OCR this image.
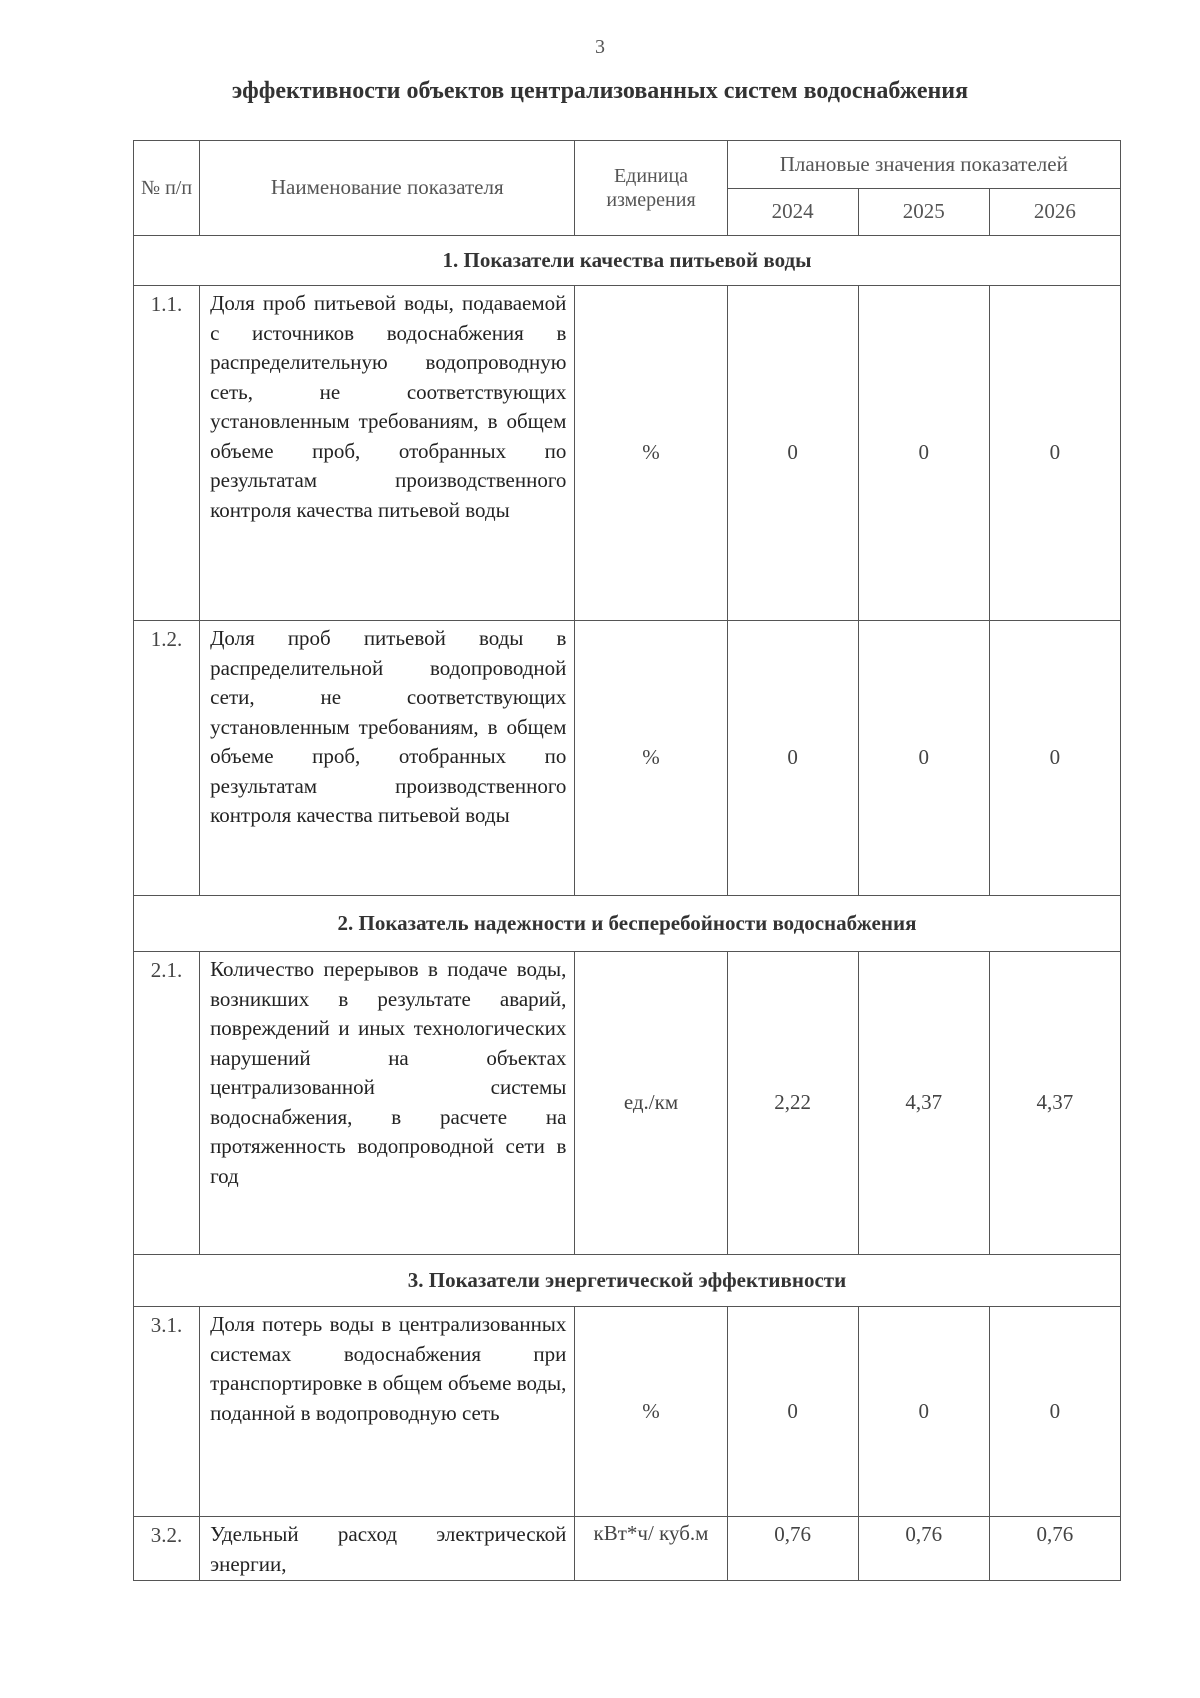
3
эффективности объектов централизованных систем водоснабжения
№ п/п	Наименование показателя	Единица измерения	Плановые значения показателей		
			2024	2025	2026
1. Показатели качества питьевой воды					
1.1.	Доля проб питьевой воды, подаваемой с источников водоснабжения в распределительную водопроводную сеть, не соответствующих установленным требованиям, в общем объеме проб, отобранных по результатам производственного контроля качества питьевой воды	%	0	0	0
1.2.	Доля проб питьевой воды в распределительной водопроводной сети, не соответствующих установленным требованиям, в общем объеме проб, отобранных по результатам производственного контроля качества питьевой воды	%	0	0	0
2. Показатель надежности и бесперебойности водоснабжения					
2.1.	Количество перерывов в подаче воды, возникших в результате аварий, повреждений и иных технологических нарушений на объектах централизованной системы водоснабжения, в расчете на протяженность водопроводной сети в год	ед./км	2,22	4,37	4,37
3. Показатели энергетической эффективности					
3.1.	Доля потерь воды в централизованных системах водоснабжения при транспортировке в общем объеме воды, поданной в водопроводную сеть	%	0	0	0
3.2.	Удельный расход электрической энергии,	кВт*ч/ куб.м	0,76	0,76	0,76
